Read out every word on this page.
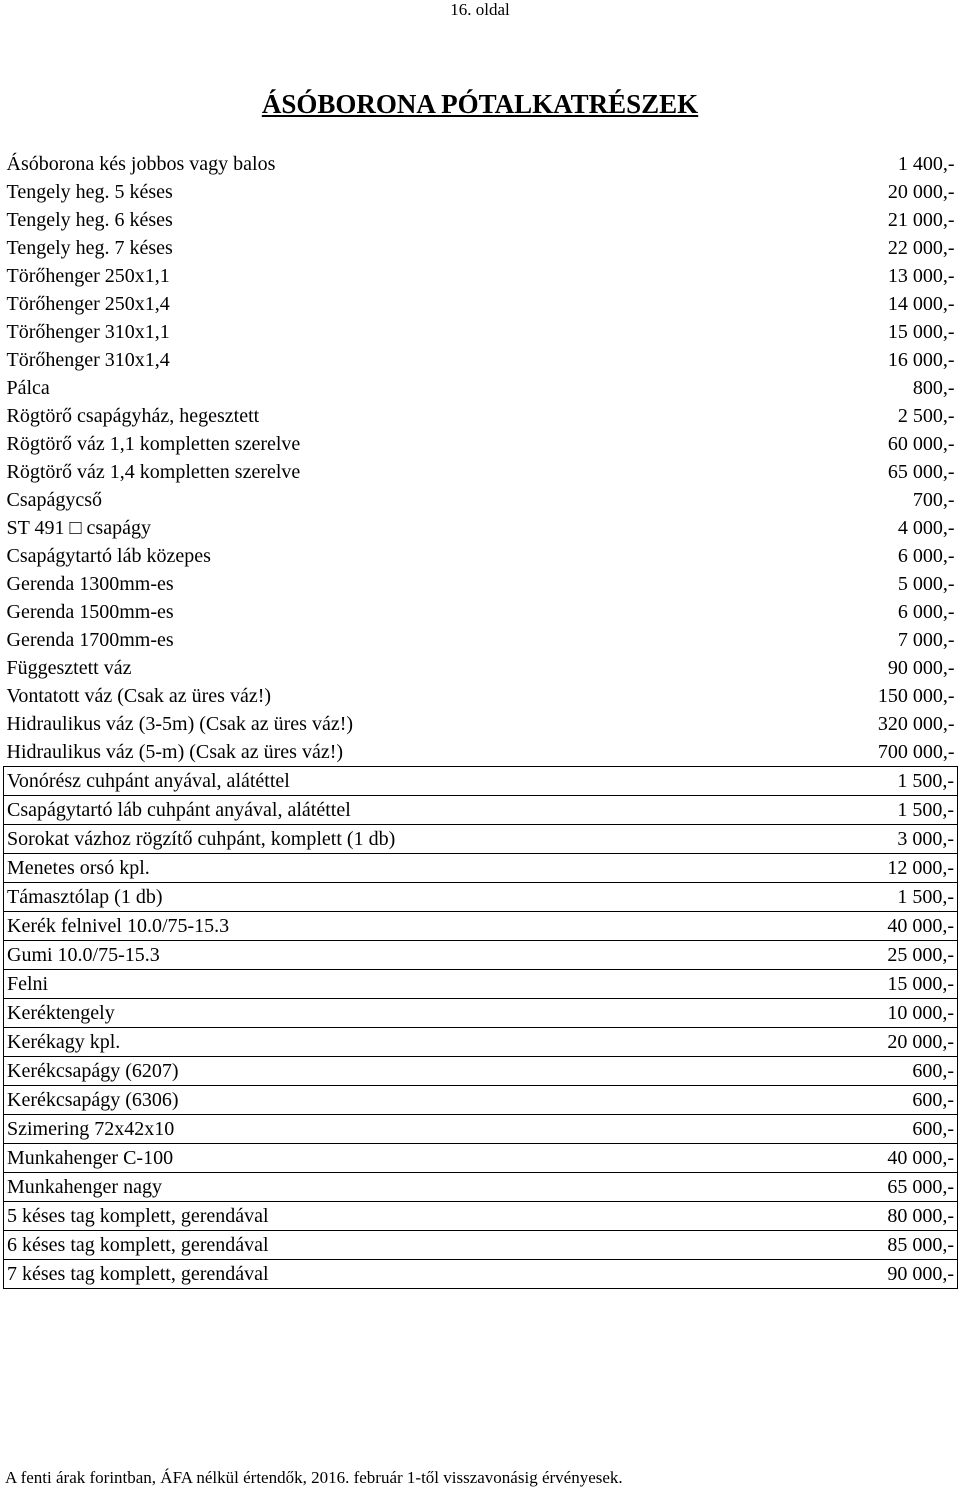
16. oldal
ÁSÓBORONA PÓTALKATRÉSZEK
Ásóborona kés jobbos vagy balos	1 400,-
Tengely heg. 5 késes	20 000,-
Tengely heg. 6 késes	21 000,-
Tengely heg. 7 késes	22 000,-
Törőhenger 250x1,1	13 000,-
Törőhenger 250x1,4	14 000,-
Törőhenger 310x1,1	15 000,-
Törőhenger 310x1,4	16 000,-
Pálca	800,-
Rögtörő csapágyház, hegesztett	2 500,-
Rögtörő váz 1,1 kompletten szerelve	60 000,-
Rögtörő váz 1,4 kompletten szerelve	65 000,-
Csapágycső	700,-
ST 491 □ csapágy	4 000,-
Csapágytartó láb közepes	6 000,-
Gerenda 1300mm-es	5 000,-
Gerenda 1500mm-es	6 000,-
Gerenda 1700mm-es	7 000,-
Függesztett váz	90 000,-
Vontatott váz (Csak az üres váz!)	150 000,-
Hidraulikus váz (3-5m) (Csak az üres váz!)	320 000,-
Hidraulikus váz (5-m) (Csak az üres váz!)	700 000,-
Vonórész cuhpánt anyával, alátéttel	1 500,-
Csapágytartó láb cuhpánt anyával, alátéttel	1 500,-
Sorokat vázhoz rögzítő cuhpánt, komplett (1 db)	3 000,-
Menetes orsó kpl.	12 000,-
Támasztólap (1 db)	1 500,-
Kerék felnivel 10.0/75-15.3	40 000,-
Gumi 10.0/75-15.3	25 000,-
Felni	15 000,-
Keréktengely	10 000,-
Kerékagy kpl.	20 000,-
Kerékcsapágy (6207)	600,-
Kerékcsapágy (6306)	600,-
Szimering 72x42x10	600,-
Munkahenger C-100	40 000,-
Munkahenger nagy	65 000,-
5 késes tag komplett, gerendával	80 000,-
6 késes tag komplett, gerendával	85 000,-
7 késes tag komplett, gerendával	90 000,-
A fenti árak forintban, ÁFA nélkül értendők, 2016. február 1-től visszavonásig érvényesek.
